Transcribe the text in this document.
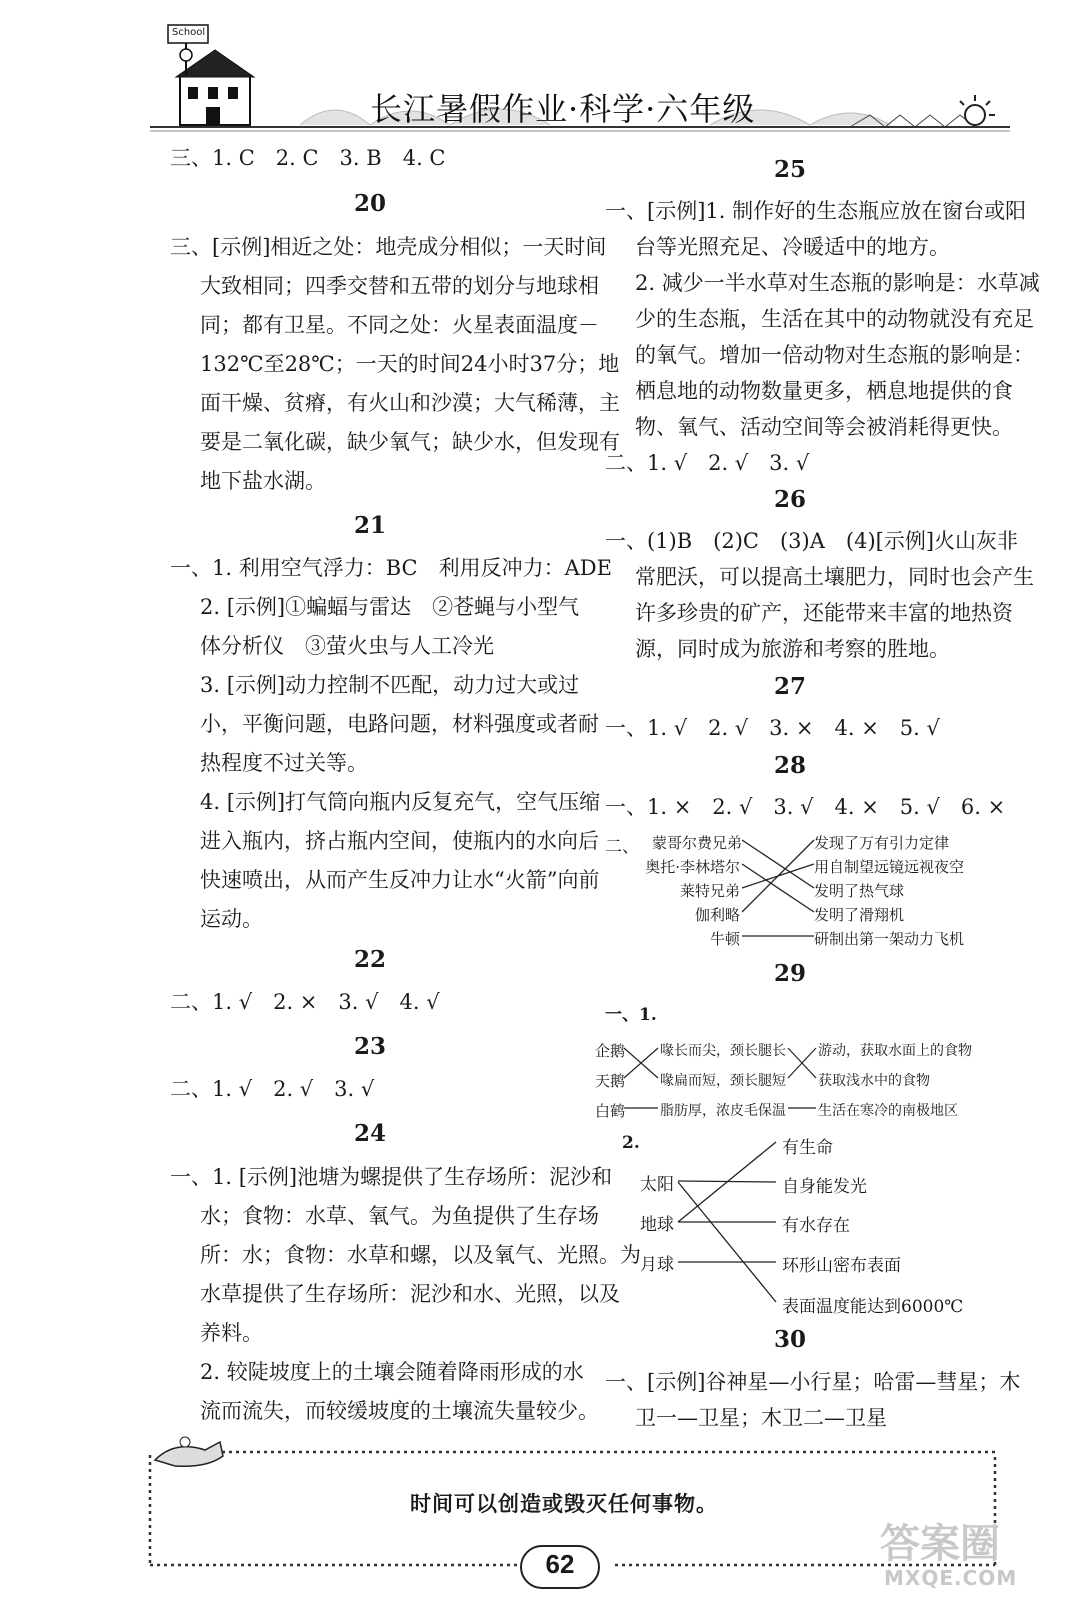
School
长江暑假作业·科学·六年级
三、1. C　2. C　3. B　4. C
20
三、[示例]相近之处：地壳成分相似；一天时间
大致相同；四季交替和五带的划分与地球相
同；都有卫星。不同之处：火星表面温度－
132℃至28℃；一天的时间24小时37分；地
面干燥、贫瘠，有火山和沙漠；大气稀薄，主
要是二氧化碳，缺少氧气；缺少水，但发现有
地下盐水湖。
21
一、1. 利用空气浮力：BC　利用反冲力：ADE
2. [示例]①蝙蝠与雷达　②苍蝇与小型气
体分析仪　③萤火虫与人工冷光
3. [示例]动力控制不匹配，动力过大或过
小，平衡问题，电路问题，材料强度或者耐
热程度不过关等。
4. [示例]打气筒向瓶内反复充气，空气压缩
进入瓶内，挤占瓶内空间，使瓶内的水向后
快速喷出，从而产生反冲力让水“火箭”向前
运动。
22
二、1. √　2. ×　3. √　4. √
23
二、1. √　2. √　3. √
24
一、1. [示例]池塘为螺提供了生存场所：泥沙和
水；食物：水草、氧气。为鱼提供了生存场
所：水；食物：水草和螺，以及氧气、光照。为
水草提供了生存场所：泥沙和水、光照，以及
养料。
2. 较陡坡度上的土壤会随着降雨形成的水
流而流失，而较缓坡度的土壤流失量较少。
25
一、[示例]1. 制作好的生态瓶应放在窗台或阳
台等光照充足、冷暖适中的地方。
2. 减少一半水草对生态瓶的影响是：水草减
少的生态瓶，生活在其中的动物就没有充足
的氧气。增加一倍动物对生态瓶的影响是：
栖息地的动物数量更多，栖息地提供的食
物、氧气、活动空间等会被消耗得更快。
二、1. √　2. √　3. √
26
一、(1)B　(2)C　(3)A　(4)[示例]火山灰非
常肥沃，可以提高土壤肥力，同时也会产生
许多珍贵的矿产，还能带来丰富的地热资
源，同时成为旅游和考察的胜地。
27
一、1. √　2. √　3. ×　4. ×　5. √
28
一、1. ×　2. √　3. √　4. ×　5. √　6. ×
二、 蒙哥尔费兄弟
奥托·李林塔尔
莱特兄弟
伽利略
牛顿
发现了万有引力定律
用自制望远镜远视夜空
发明了热气球
发明了滑翔机
研制出第一架动力飞机
29
一、1.
企鹅
天鹅
白鹤
喙长而尖，颈长腿长
喙扁而短，颈长腿短
脂肪厚，浓皮毛保温
游动，获取水面上的食物
获取浅水中的食物
生活在寒冷的南极地区
2.
太阳
地球
月球
有生命
自身能发光
有水存在
环形山密布表面
表面温度能达到6000℃
30
一、[示例]谷神星—小行星；哈雷—彗星；木
卫一—卫星；木卫二—卫星
时间可以创造或毁灭任何事物。
62	答案圈
MXQE.COM
